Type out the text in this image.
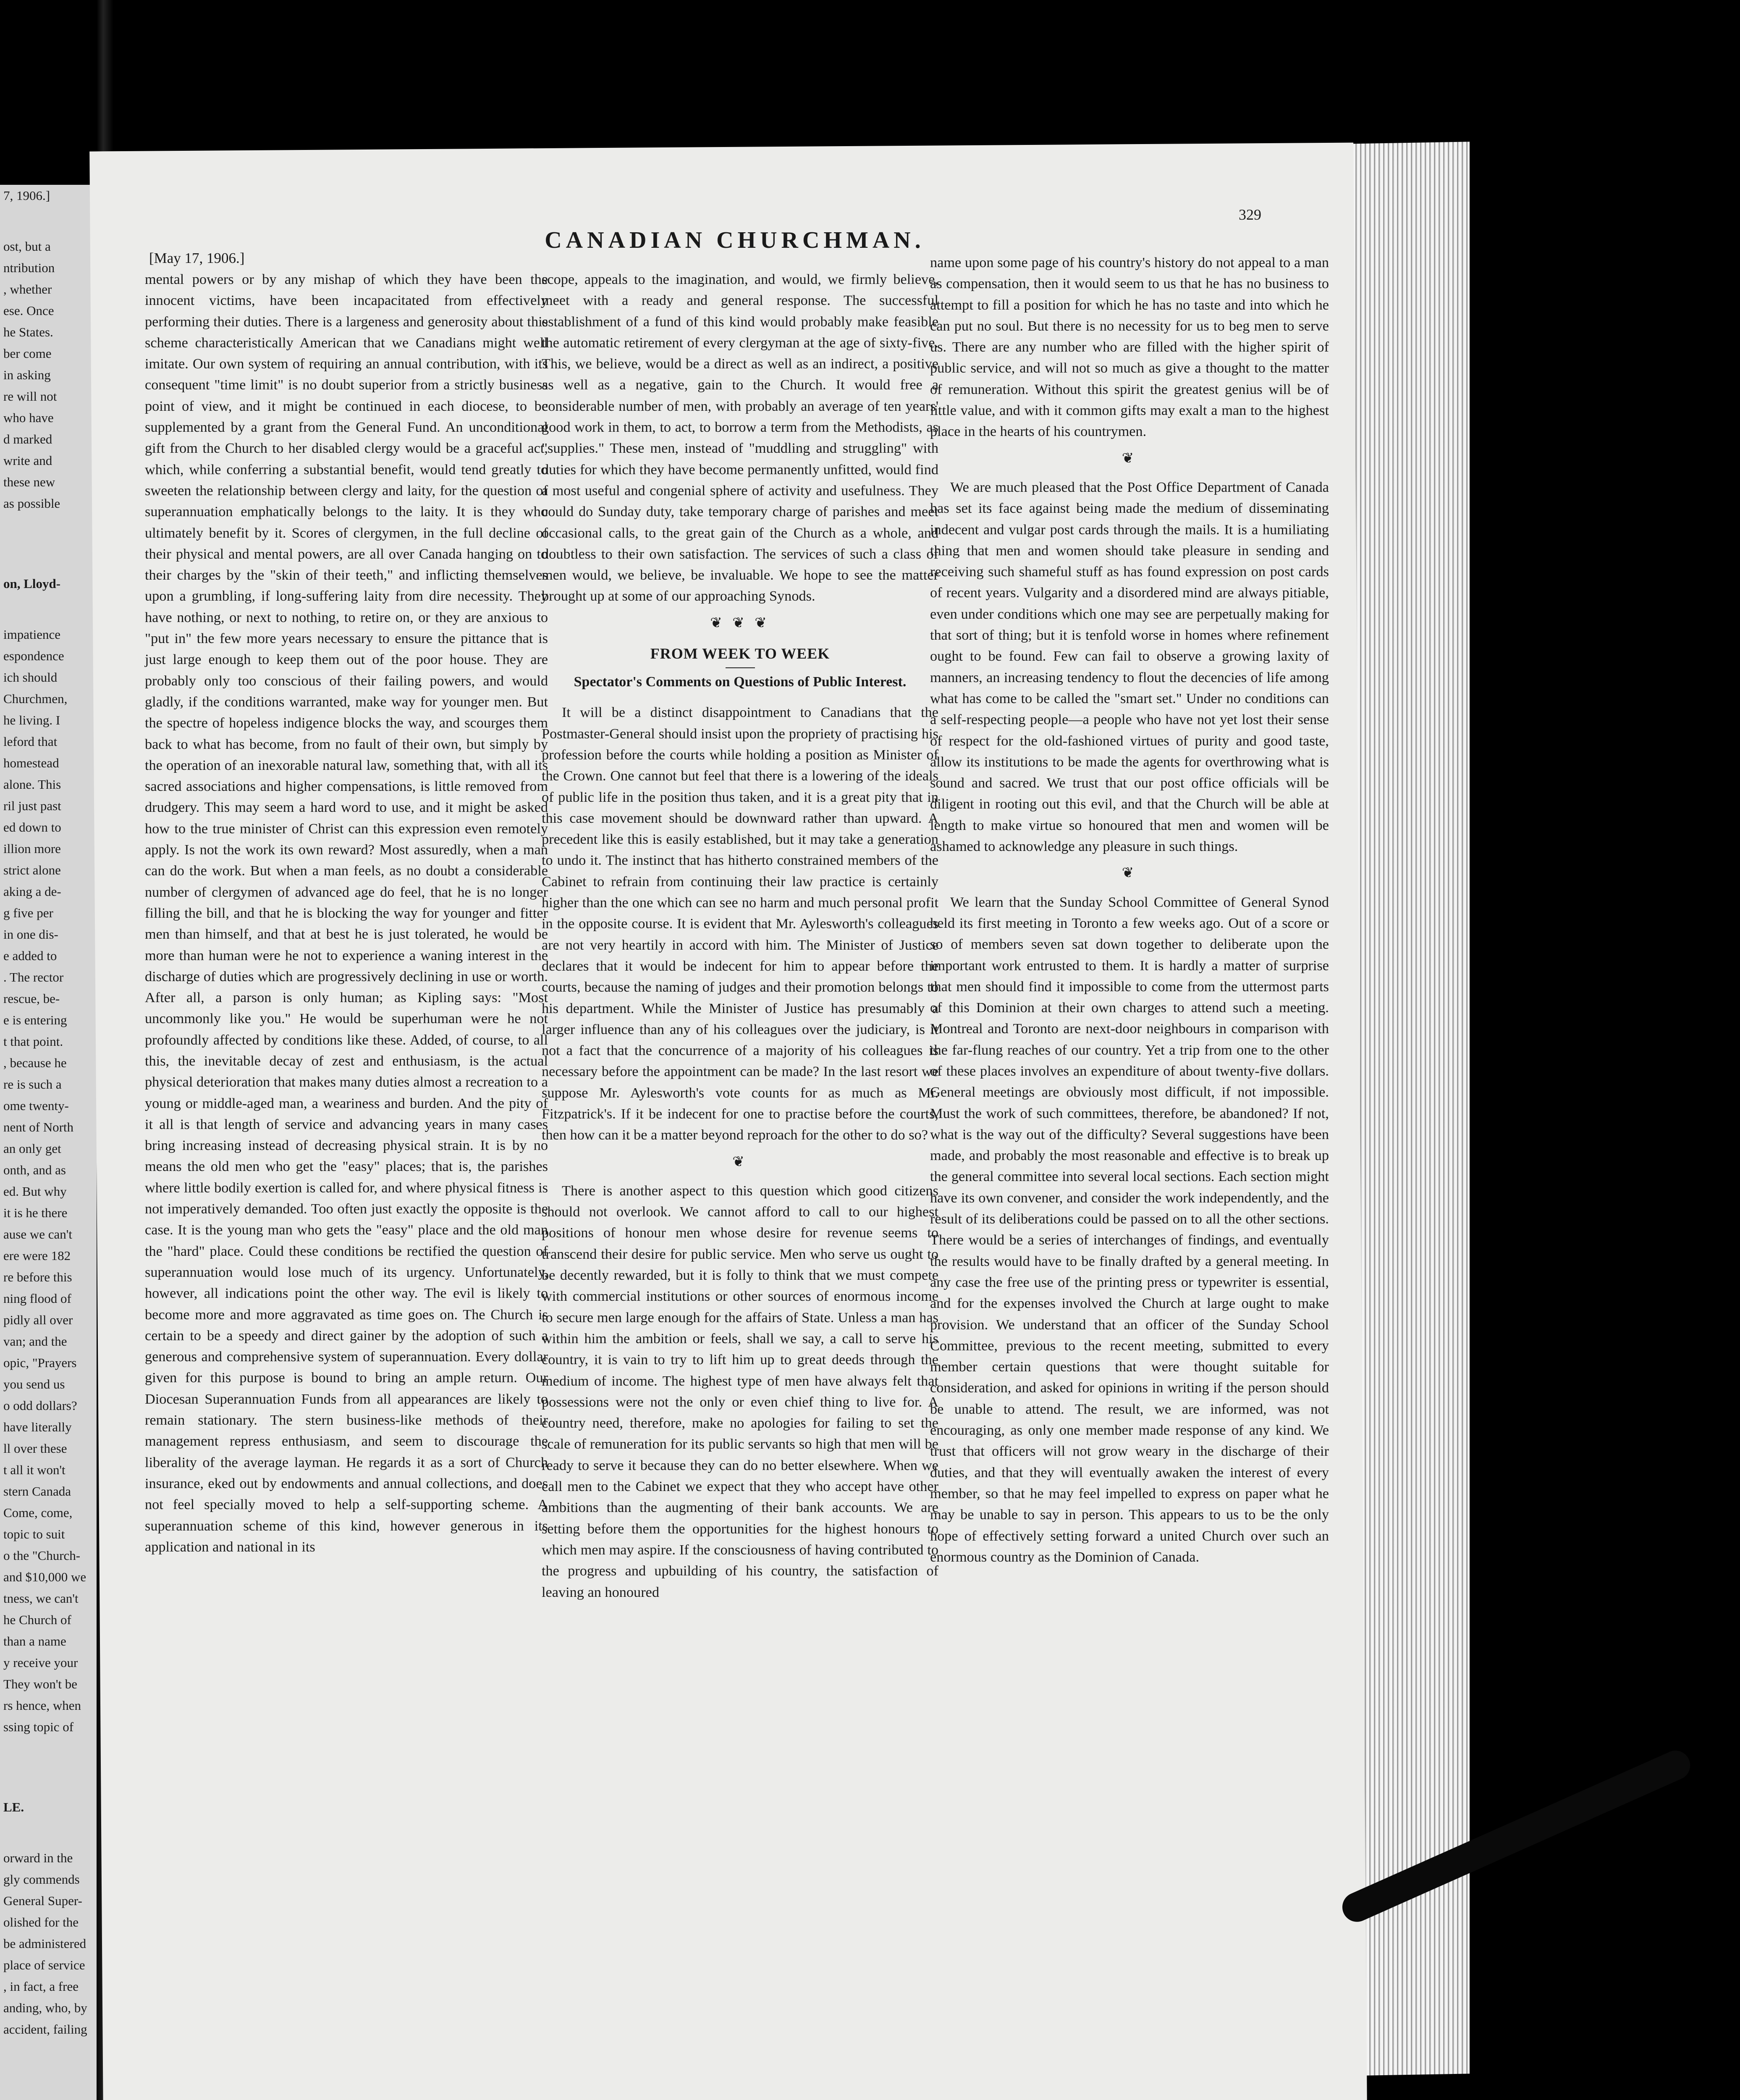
7, 1906.]
ost, but a
ntribution
, whether
ese. Once
he States.
ber come
in asking
re will not
who have
d marked
write and
these new
as possible
on, Lloyd-
impatience
espondence
ich should
Churchmen,
he living. I
leford that
homestead
alone. This
ril just past
ed down to
illion more
strict alone
aking a de-
g five per
in one dis-
e added to
. The rector
rescue, be-
e is entering
t that point.
, because he
re is such a
ome twenty-
nent of North
an only get
onth, and as
ed. But why
it is he there
ause we can't
ere were 182
re before this
ning flood of
pidly all over
van; and the
opic, "Prayers
you send us
o odd dollars?
have literally
ll over these
t all it won't
stern Canada
Come, come,
topic to suit
o the "Church-
and $10,000 we
tness, we can't
he Church of
than a name
y receive your
They won't be
rs hence, when
ssing topic of
LE.
orward in the
gly commends
General Super-
olished for the
be administered
place of service
, in fact, a free
anding, who, by
accident, failing
CANADIAN CHURCHMAN.
[May 17, 1906.]
329

mental powers or by any mishap of which they have been the innocent victims, have been incapacitated from effectively performing their duties. There is a largeness and generosity about this scheme characteristically American that we Canadians might well imitate. Our own system of requiring an annual contribution, with its consequent "time limit" is no doubt superior from a strictly business point of view, and it might be continued in each diocese, to be supplemented by a grant from the General Fund. An unconditional gift from the Church to her disabled clergy would be a graceful act, which, while conferring a substantial benefit, would tend greatly to sweeten the relationship between clergy and laity, for the question of superannuation emphatically belongs to the laity. It is they who ultimately benefit by it. Scores of clergymen, in the full decline of their physical and mental powers, are all over Canada hanging on to their charges by the "skin of their teeth," and inflicting themselves upon a grumbling, if long-suffering laity from dire necessity. They have nothing, or next to nothing, to retire on, or they are anxious to "put in" the few more years necessary to ensure the pittance that is just large enough to keep them out of the poor house. They are probably only too conscious of their failing powers, and would gladly, if the conditions warranted, make way for younger men. But the spectre of hopeless indigence blocks the way, and scourges them back to what has become, from no fault of their own, but simply by the operation of an inexorable natural law, something that, with all its sacred associations and higher compensations, is little removed from drudgery. This may seem a hard word to use, and it might be asked how to the true minister of Christ can this expression even remotely apply. Is not the work its own reward? Most assuredly, when a man can do the work. But when a man feels, as no doubt a considerable number of clergymen of advanced age do feel, that he is no longer filling the bill, and that he is blocking the way for younger and fitter men than himself, and that at best he is just tolerated, he would be more than human were he not to experience a waning interest in the discharge of duties which are progressively declining in use or worth. After all, a parson is only human; as Kipling says: "Most uncommonly like you." He would be superhuman were he not profoundly affected by conditions like these. Added, of course, to all this, the inevitable decay of zest and enthusiasm, is the actual physical deterioration that makes many duties almost a recreation to a young or middle-aged man, a weariness and burden. And the pity of it all is that length of service and advancing years in many cases bring increasing instead of decreasing physical strain. It is by no means the old men who get the "easy" places; that is, the parishes where little bodily exertion is called for, and where physical fitness is not imperatively demanded. Too often just exactly the opposite is the case. It is the young man who gets the "easy" place and the old man the "hard" place. Could these conditions be rectified the question of superannuation would lose much of its urgency. Unfortunately, however, all indications point the other way. The evil is likely to become more and more aggravated as time goes on. The Church is certain to be a speedy and direct gainer by the adoption of such a generous and comprehensive system of superannuation. Every dollar given for this purpose is bound to bring an ample return. Our Diocesan Superannuation Funds from all appearances are likely to remain stationary. The stern business-like methods of their management repress enthusiasm, and seem to discourage the liberality of the average layman. He regards it as a sort of Church insurance, eked out by endowments and annual collections, and does not feel specially moved to help a self-supporting scheme. A superannuation scheme of this kind, however generous in its application and national in its

scope, appeals to the imagination, and would, we firmly believe, meet with a ready and general response. The successful establishment of a fund of this kind would probably make feasible the automatic retirement of every clergyman at the age of sixty-five. This, we believe, would be a direct as well as an indirect, a positive as well as a negative, gain to the Church. It would free a considerable number of men, with probably an average of ten years' good work in them, to act, to borrow a term from the Methodists, as "supplies." These men, instead of "muddling and struggling" with duties for which they have become permanently unfitted, would find a most useful and congenial sphere of activity and usefulness. They could do Sunday duty, take temporary charge of parishes and meet occasional calls, to the great gain of the Church as a whole, and doubtless to their own satisfaction. The services of such a class of men would, we believe, be invaluable. We hope to see the matter brought up at some of our approaching Synods.

❦ ❦ ❦
FROM WEEK TO WEEK
Spectator's Comments on Questions of Public Interest.

It will be a distinct disappointment to Canadians that the Postmaster-General should insist upon the propriety of practising his profession before the courts while holding a position as Minister of the Crown. One cannot but feel that there is a lowering of the ideals of public life in the position thus taken, and it is a great pity that in this case movement should be downward rather than upward. A precedent like this is easily established, but it may take a generation to undo it. The instinct that has hitherto constrained members of the Cabinet to refrain from continuing their law practice is certainly higher than the one which can see no harm and much personal profit in the opposite course. It is evident that Mr. Aylesworth's colleagues are not very heartily in accord with him. The Minister of Justice declares that it would be indecent for him to appear before the courts, because the naming of judges and their promotion belongs to his department. While the Minister of Justice has presumably a larger influence than any of his colleagues over the judiciary, is it not a fact that the concurrence of a majority of his colleagues is necessary before the appointment can be made? In the last resort we suppose Mr. Aylesworth's vote counts for as much as Mr. Fitzpatrick's. If it be indecent for one to practise before the courts, then how can it be a matter beyond reproach for the other to do so?

❦

There is another aspect to this question which good citizens should not overlook. We cannot afford to call to our highest positions of honour men whose desire for revenue seems to transcend their desire for public service. Men who serve us ought to be decently rewarded, but it is folly to think that we must compete with commercial institutions or other sources of enormous income to secure men large enough for the affairs of State. Unless a man has within him the ambition or feels, shall we say, a call to serve his country, it is vain to try to lift him up to great deeds through the medium of income. The highest type of men have always felt that possessions were not the only or even chief thing to live for. A country need, therefore, make no apologies for failing to set the scale of remuneration for its public servants so high that men will be ready to serve it because they can do no better elsewhere. When we call men to the Cabinet we expect that they who accept have other ambitions than the augmenting of their bank accounts. We are setting before them the opportunities for the highest honours to which men may aspire. If the consciousness of having contributed to the progress and upbuilding of his country, the satisfaction of leaving an honoured

name upon some page of his country's history do not appeal to a man as compensation, then it would seem to us that he has no business to attempt to fill a position for which he has no taste and into which he can put no soul. But there is no necessity for us to beg men to serve us. There are any number who are filled with the higher spirit of public service, and will not so much as give a thought to the matter of remuneration. Without this spirit the greatest genius will be of little value, and with it common gifts may exalt a man to the highest place in the hearts of his countrymen.

❦

We are much pleased that the Post Office Department of Canada has set its face against being made the medium of disseminating indecent and vulgar post cards through the mails. It is a humiliating thing that men and women should take pleasure in sending and receiving such shameful stuff as has found expression on post cards of recent years. Vulgarity and a disordered mind are always pitiable, even under conditions which one may see are perpetually making for that sort of thing; but it is tenfold worse in homes where refinement ought to be found. Few can fail to observe a growing laxity of manners, an increasing tendency to flout the decencies of life among what has come to be called the "smart set." Under no conditions can a self-respecting people—a people who have not yet lost their sense of respect for the old-fashioned virtues of purity and good taste, allow its institutions to be made the agents for overthrowing what is sound and sacred. We trust that our post office officials will be diligent in rooting out this evil, and that the Church will be able at length to make virtue so honoured that men and women will be ashamed to acknowledge any pleasure in such things.

❦

We learn that the Sunday School Committee of General Synod held its first meeting in Toronto a few weeks ago. Out of a score or so of members seven sat down together to deliberate upon the important work entrusted to them. It is hardly a matter of surprise that men should find it impossible to come from the uttermost parts of this Dominion at their own charges to attend such a meeting. Montreal and Toronto are next-door neighbours in comparison with the far-flung reaches of our country. Yet a trip from one to the other of these places involves an expenditure of about twenty-five dollars. General meetings are obviously most difficult, if not impossible. Must the work of such committees, therefore, be abandoned? If not, what is the way out of the difficulty? Several suggestions have been made, and probably the most reasonable and effective is to break up the general committee into several local sections. Each section might have its own convener, and consider the work independently, and the result of its deliberations could be passed on to all the other sections. There would be a series of interchanges of findings, and eventually the results would have to be finally drafted by a general meeting. In any case the free use of the printing press or typewriter is essential, and for the expenses involved the Church at large ought to make provision. We understand that an officer of the Sunday School Committee, previous to the recent meeting, submitted to every member certain questions that were thought suitable for consideration, and asked for opinions in writing if the person should be unable to attend. The result, we are informed, was not encouraging, as only one member made response of any kind. We trust that officers will not grow weary in the discharge of their duties, and that they will eventually awaken the interest of every member, so that he may feel impelled to express on paper what he may be unable to say in person. This appears to us to be the only hope of effectively setting forward a united Church over such an enormous country as the Dominion of Canada.
